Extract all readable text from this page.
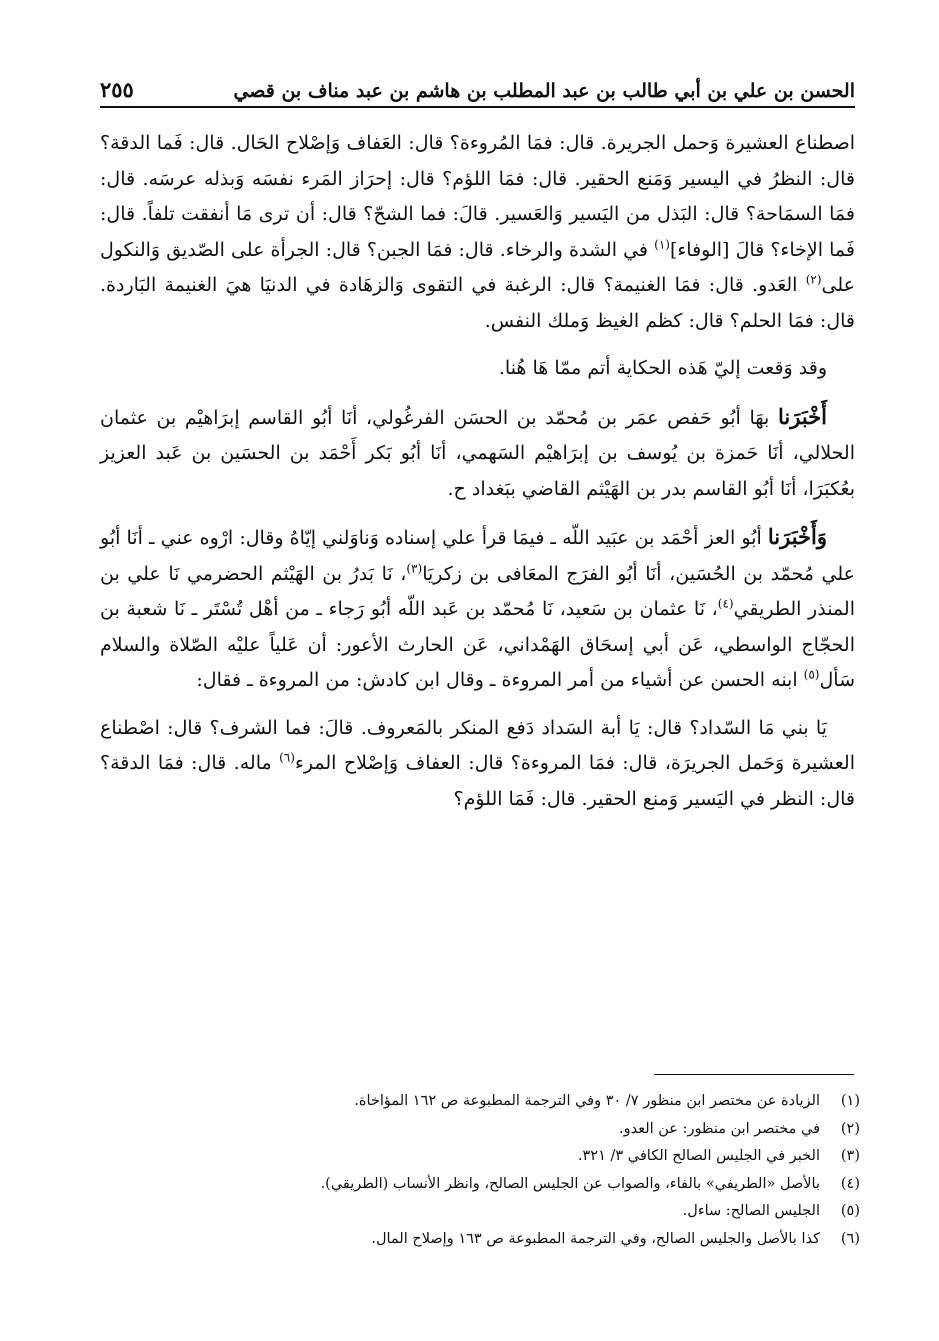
الحسن بن علي بن أبي طالب بن عبد المطلب بن هاشم بن عبد مناف بن قصي
٢٥٥

اصطناع العشيرة وَحمل الجريرة. قال: فمَا المُروءة؟ قال: العَفاف وَإصْلاح الحَال. قال: فَما الدقة؟ قال: النظرُ في اليسير وَمَنع الحقير. قال: فمَا اللؤم؟ قال: إحرَاز المَرء نفسَه وَبذله عرسَه. قال: فمَا السمَاحة؟ قال: البَذل من اليَسير وَالعَسير. قالَ: فما الشحّ؟ قال: أن ترى مَا أنفقت تلفاً. قال: فَما الإخاء؟ قالَ [الوفاء]$^{(١)}$ في الشدة والرخاء. قال: فمَا الجبن؟ قال: الجرأة على الصّديق وَالنكول على$^{(٢)}$ العَدو. قال: فمَا الغنيمة؟ قال: الرغبة في التقوى وَالزهَادة في الدنيَا هيَ الغنيمة البَاردة. قال: فمَا الحلم؟ قال: كظم الغيظ وَملك النفس.

وقد وَقعت إليّ هَذه الحكاية أتم ممّا هَا هُنا.

أَخْبَرَنا بهَا أبُو حَفص عمَر بن مُحمّد بن الحسَن الفرغُولي، أنَا أبُو القاسم إبرَاهيْم بن عثمان الحلالي، أنَا حَمزة بن يُوسف بن إبرَاهيْم السَهمي، أنَا أبُو بَكر أَحْمَد بن الحسَين بن عَبد العزيز بعُكبَرَا، أنَا أبُو القاسم بدر بن الهَيْثم القاضي ببَغداد ح.

وَأَخْبَرَنا أبُو العز أحْمَد بن عبَيد اللّه ـ فيمَا قرأ علي إسناده وَناوَلني إيّاهُ وقال: ارْوه عني ـ أنَا أبُو علي مُحمّد بن الحُسَين، أنَا أبُو الفرَج المعَافى بن زكريَا$^{(٣)}$، نَا بَدرُ بن الهَيْثم الحضرمي نَا علي بن المنذر الطريقي$^{(٤)}$، نَا عثمان بن سَعيد، نَا مُحمّد بن عَبد اللّه أبُو رَجاء ـ من أهْل تُسْتَر ـ نَا شعبة بن الحجّاج الواسطي، عَن أبي إسحَاق الهَمْداني، عَن الحارث الأعور: أن عَلياً عليْه الصّلاة والسلام سَأل$^{(٥)}$ ابنه الحسن عن أشياء من أمر المروءة ـ وقال ابن كادش: من المروءة ـ فقال:

يَا بني مَا السّداد؟ قال: يَا أبة السَداد دَفع المنكر بالمَعروف. قالَ: فما الشرف؟ قال: اصْطناع العشيرة وَحَمل الجريرَة، قال: فمَا المروءة؟ قال: العفاف وَإصْلاح المرء$^{(٦)}$ ماله. قال: فمَا الدقة؟ قال: النظر في اليَسير وَمنع الحقير. قال: فَمَا اللؤم؟

(١)
الزيادة عن مختصر ابن منظور ٧/ ٣٠ وفي الترجمة المطبوعة ص ١٦٢ المؤاخاة.
(٢)
في مختصر ابن منظور: عن العدو.
(٣)
الخبر في الجليس الصالح الكافي ٣/ ٣٢١.
(٤)
بالأصل «الطريفي» بالفاء، والصواب عن الجليس الصالح، وانظر الأنساب (الطريقي).
(٥)
الجليس الصالح: ساءل.
(٦)
كذا بالأصل والجليس الصالح، وفي الترجمة المطبوعة ص ١٦٣ وإصلاح المال.
